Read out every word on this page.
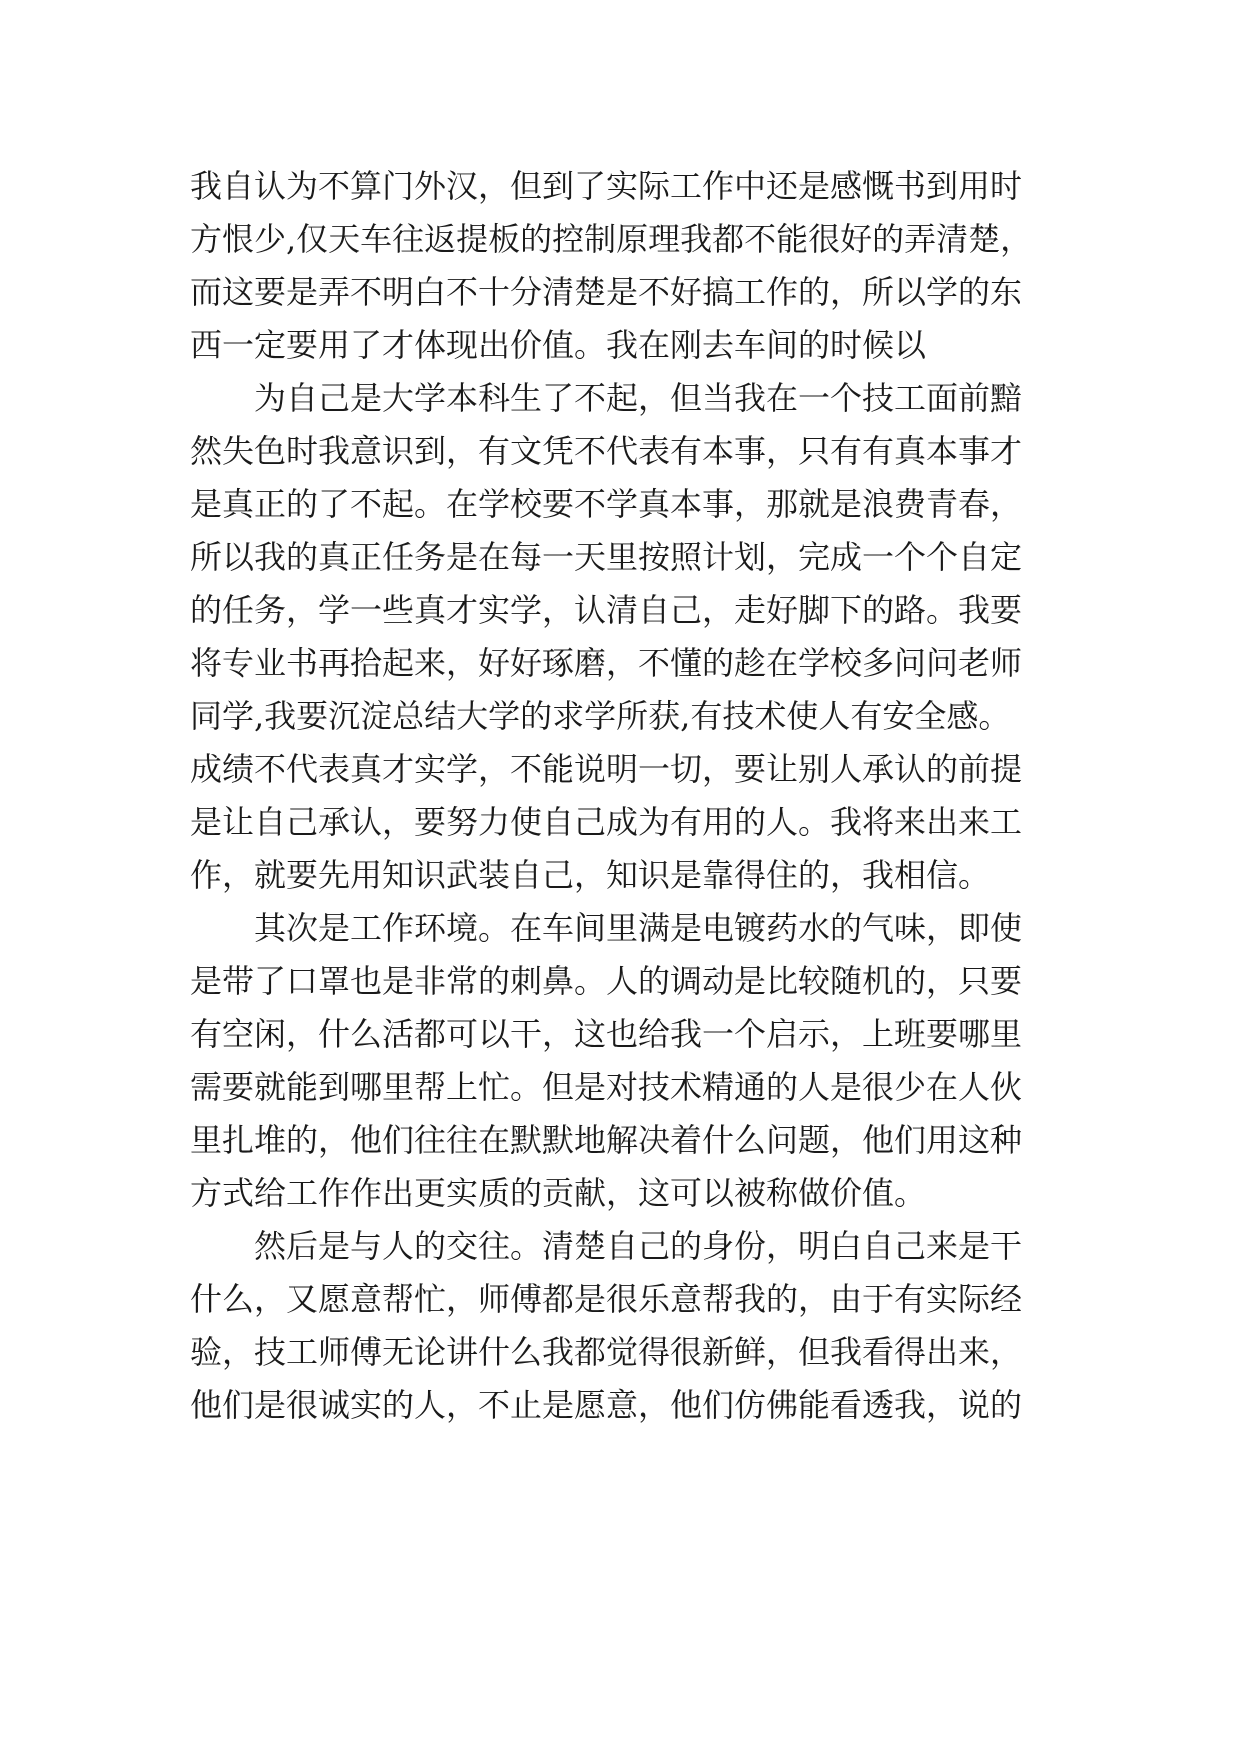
我自认为不算门外汉，但到了实际工作中还是感慨书到用时
方恨少,仅天车往返提板的控制原理我都不能很好的弄清楚，
而这要是弄不明白不十分清楚是不好搞工作的，所以学的东
西一定要用了才体现出价值。我在刚去车间的时候以
为自己是大学本科生了不起，但当我在一个技工面前黯
然失色时我意识到，有文凭不代表有本事，只有有真本事才
是真正的了不起。在学校要不学真本事，那就是浪费青春，
所以我的真正任务是在每一天里按照计划，完成一个个自定
的任务，学一些真才实学，认清自己，走好脚下的路。我要
将专业书再拾起来，好好琢磨，不懂的趁在学校多问问老师
同学,我要沉淀总结大学的求学所获,有技术使人有安全感。
成绩不代表真才实学，不能说明一切，要让别人承认的前提
是让自己承认，要努力使自己成为有用的人。我将来出来工
作，就要先用知识武装自己，知识是靠得住的，我相信。
其次是工作环境。在车间里满是电镀药水的气味，即使
是带了口罩也是非常的刺鼻。人的调动是比较随机的，只要
有空闲，什么活都可以干，这也给我一个启示，上班要哪里
需要就能到哪里帮上忙。但是对技术精通的人是很少在人伙
里扎堆的，他们往往在默默地解决着什么问题，他们用这种
方式给工作作出更实质的贡献，这可以被称做价值。
然后是与人的交往。清楚自己的身份，明白自己来是干
什么，又愿意帮忙，师傅都是很乐意帮我的，由于有实际经
验，技工师傅无论讲什么我都觉得很新鲜，但我看得出来，
他们是很诚实的人，不止是愿意，他们仿佛能看透我，说的
